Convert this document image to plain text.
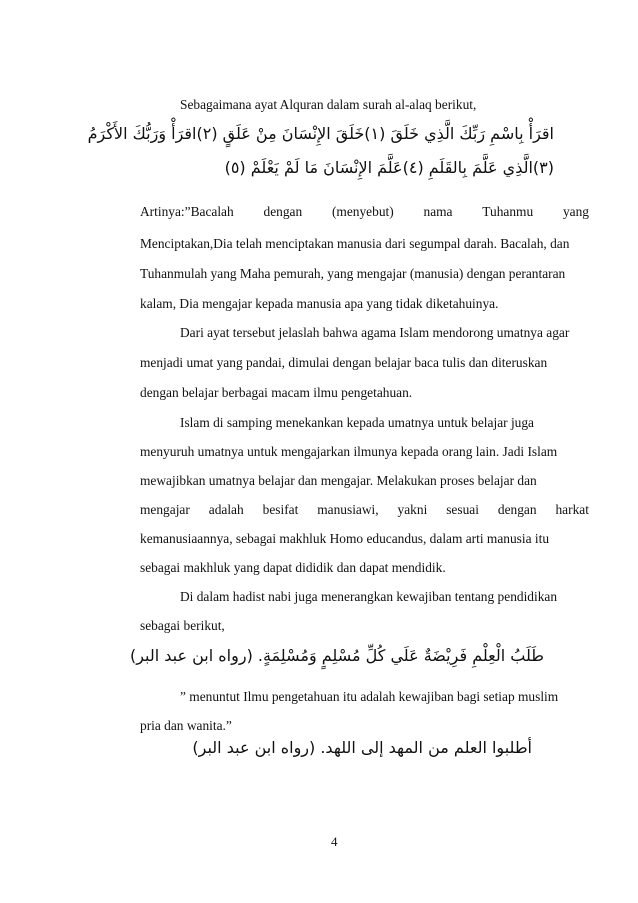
Sebagaimana ayat Alquran dalam surah al-alaq berikut,
اقرَأْ بِاسْمِ رَبِّكَ الَّذِي خَلَقَ (١)خَلَقَ الإِنْسَانَ مِنْ عَلَقٍ (٢)اقرَأْ وَرَبُّكَ الأَكْرَمُ
(٣)الَّذِي عَلَّمَ بِالقَلَمِ (٤)عَلَّمَ الإِنْسَانَ مَا لَمْ يَعْلَمْ (٥)
Artinya:”Bacalah dengan (menyebut) nama Tuhanmu yang
Menciptakan,Dia telah menciptakan manusia dari segumpal darah. Bacalah, dan
Tuhanmulah yang Maha pemurah, yang mengajar (manusia) dengan perantaran
kalam, Dia mengajar kepada manusia apa yang tidak diketahuinya.
Dari ayat tersebut jelaslah bahwa agama Islam mendorong umatnya agar
menjadi umat yang pandai, dimulai dengan belajar baca tulis dan diteruskan
dengan belajar berbagai macam ilmu pengetahuan.
Islam di samping menekankan kepada umatnya untuk belajar juga
menyuruh umatnya untuk mengajarkan ilmunya kepada orang lain. Jadi Islam
mewajibkan umatnya belajar dan mengajar. Melakukan proses belajar dan
mengajar adalah besifat manusiawi, yakni sesuai dengan harkat
kemanusiaannya, sebagai makhluk Homo educandus, dalam arti manusia itu
sebagai makhluk yang dapat dididik dan dapat mendidik.
Di dalam hadist nabi juga menerangkan kewajiban tentang pendidikan
sebagai berikut,
طَلَبُ الْعِلْمِ فَرِيْضَةٌ عَلَي كُلِّ مُسْلِمٍ وَمُسْلِمَةٍ. (رواه ابن عبد البر)
” menuntut Ilmu pengetahuan itu adalah kewajiban bagi setiap muslim
pria dan wanita.”
أطلبوا العلم من المهد إلى اللهد. (رواه ابن عبد البر)
4
